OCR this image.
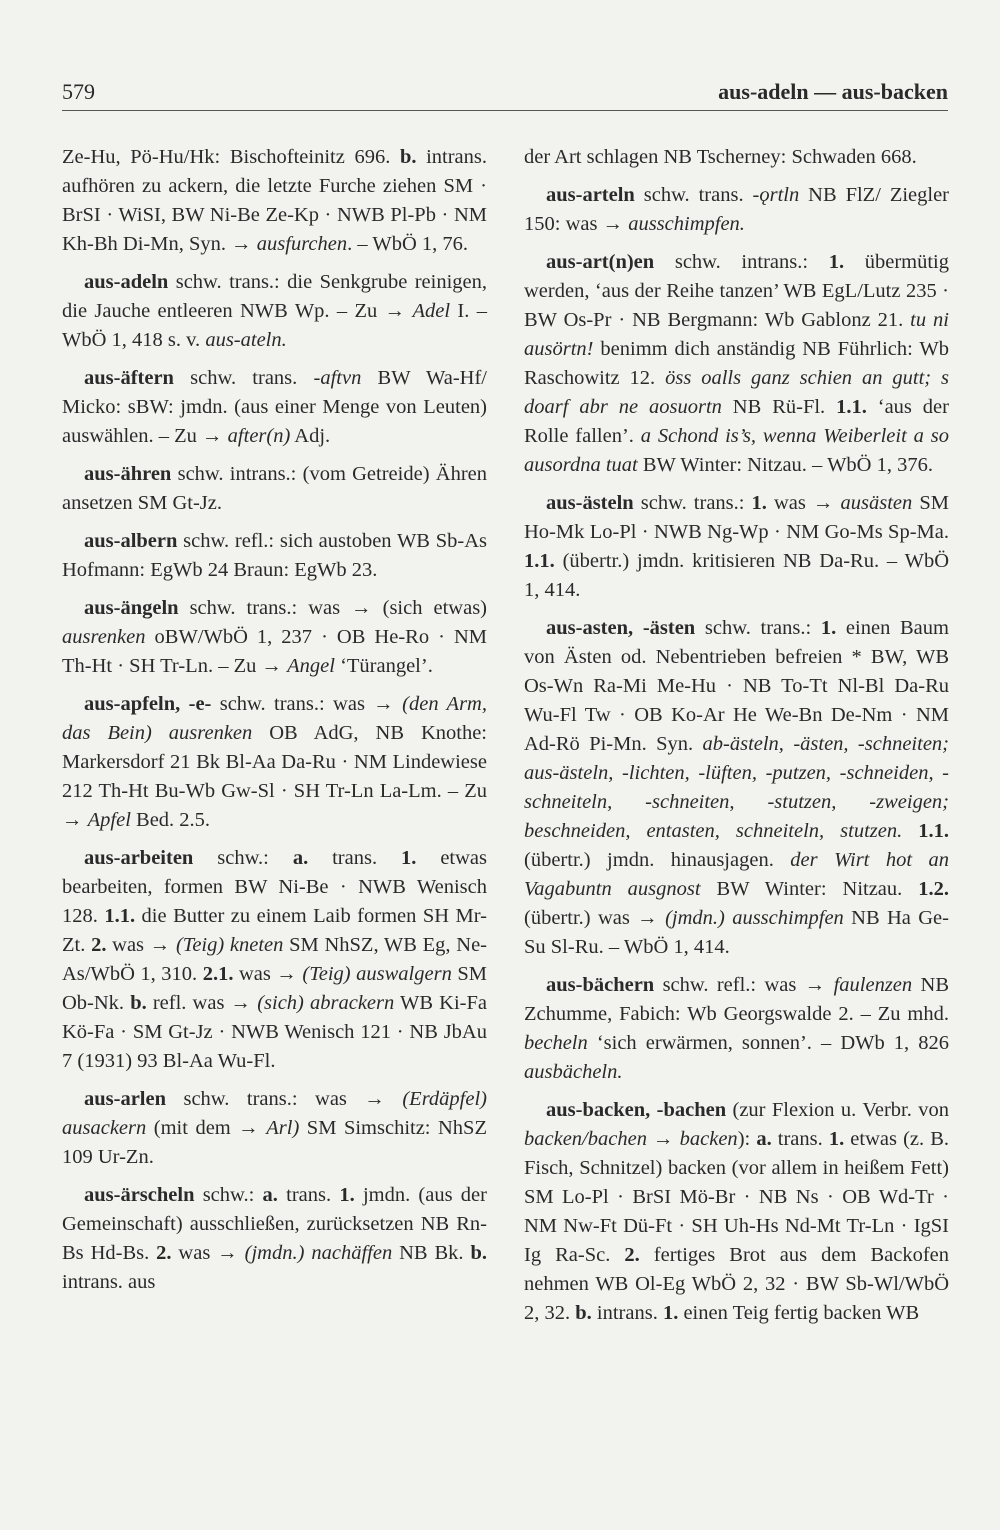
579	aus-adeln — aus-backen

Ze-Hu, Pö-Hu/Hk: Bischofteinitz 696. b. intrans. aufhören zu ackern, die letzte Furche ziehen SM · BrSI · WiSI, BW Ni-Be Ze-Kp · NWB Pl-Pb · NM Kh-Bh Di-Mn, Syn. → ausfurchen. – WbÖ 1, 76.

aus-adeln schw. trans.: die Senkgrube reinigen, die Jauche entleeren NWB Wp. – Zu → Adel I. – WbÖ 1, 418 s. v. aus-ateln.

aus-äftern schw. trans. -aftvn BW Wa-Hf/ Micko: sBW: jmdn. (aus einer Menge von Leuten) auswählen. – Zu → after(n) Adj.

aus-ähren schw. intrans.: (vom Getreide) Ähren ansetzen SM Gt-Jz.

aus-albern schw. refl.: sich austoben WB Sb-As Hofmann: EgWb 24 Braun: EgWb 23.

aus-ängeln schw. trans.: was → (sich etwas) ausrenken oBW/WbÖ 1, 237 · OB He-Ro · NM Th-Ht · SH Tr-Ln. – Zu → Angel ‘Türangel’.

aus-apfeln, -e- schw. trans.: was → (den Arm, das Bein) ausrenken OB AdG, NB Knothe: Markersdorf 21 Bk Bl-Aa Da-Ru · NM Lindewiese 212 Th-Ht Bu-Wb Gw-Sl · SH Tr-Ln La-Lm. – Zu → Apfel Bed. 2.5.

aus-arbeiten schw.: a. trans. 1. etwas bearbeiten, formen BW Ni-Be · NWB Wenisch 128. 1.1. die Butter zu einem Laib formen SH Mr-Zt. 2. was → (Teig) kneten SM NhSZ, WB Eg, Ne-As/WbÖ 1, 310. 2.1. was → (Teig) auswalgern SM Ob-Nk. b. refl. was → (sich) abrackern WB Ki-Fa Kö-Fa · SM Gt-Jz · NWB Wenisch 121 · NB JbAu 7 (1931) 93 Bl-Aa Wu-Fl.

aus-arlen schw. trans.: was → (Erdäpfel) ausackern (mit dem → Arl) SM Simschitz: NhSZ 109 Ur-Zn.

aus-ärscheln schw.: a. trans. 1. jmdn. (aus der Gemeinschaft) ausschließen, zurücksetzen NB Rn-Bs Hd-Bs. 2. was → (jmdn.) nachäffen NB Bk. b. intrans. aus

der Art schlagen NB Tscherney: Schwaden 668.

aus-arteln schw. trans. -ǫrtln NB FlZ/ Ziegler 150: was → ausschimpfen.

aus-art(n)en schw. intrans.: 1. übermütig werden, ‘aus der Reihe tanzen’ WB EgL/Lutz 235 · BW Os-Pr · NB Bergmann: Wb Gablonz 21. tu ni ausörtn! benimm dich anständig NB Führlich: Wb Raschowitz 12. öss oalls ganz schien an gutt; s doarf abr ne aosuortn NB Rü-Fl. 1.1. ‘aus der Rolle fallen’. a Schond is’s, wenna Weiberleit a so ausordna tuat BW Winter: Nitzau. – WbÖ 1, 376.

aus-ästeln schw. trans.: 1. was → ausästen SM Ho-Mk Lo-Pl · NWB Ng-Wp · NM Go-Ms Sp-Ma. 1.1. (übertr.) jmdn. kritisieren NB Da-Ru. – WbÖ 1, 414.

aus-asten, -ästen schw. trans.: 1. einen Baum von Ästen od. Nebentrieben befreien * BW, WB Os-Wn Ra-Mi Me-Hu · NB To-Tt Nl-Bl Da-Ru Wu-Fl Tw · OB Ko-Ar He We-Bn De-Nm · NM Ad-Rö Pi-Mn. Syn. ab-ästeln, -ästen, -schneiten; aus-ästeln, -lichten, -lüften, -putzen, -schneiden, -schneiteln, -schneiten, -stutzen, -zweigen; beschneiden, entasten, schneiteln, stutzen. 1.1. (übertr.) jmdn. hinausjagen. der Wirt hot an Vagabuntn ausgnost BW Winter: Nitzau. 1.2. (übertr.) was → (jmdn.) ausschimpfen NB Ha Ge-Su Sl-Ru. – WbÖ 1, 414.

aus-bächern schw. refl.: was → faulenzen NB Zchumme, Fabich: Wb Georgswalde 2. – Zu mhd. becheln ‘sich erwärmen, sonnen’. – DWb 1, 826 ausbächeln.

aus-backen, -bachen (zur Flexion u. Verbr. von backen/bachen → backen): a. trans. 1. etwas (z. B. Fisch, Schnitzel) backen (vor allem in heißem Fett) SM Lo-Pl · BrSI Mö-Br · NB Ns · OB Wd-Tr · NM Nw-Ft Dü-Ft · SH Uh-Hs Nd-Mt Tr-Ln · IgSI Ig Ra-Sc. 2. fertiges Brot aus dem Backofen nehmen WB Ol-Eg WbÖ 2, 32 · BW Sb-Wl/WbÖ 2, 32. b. intrans. 1. einen Teig fertig backen WB
